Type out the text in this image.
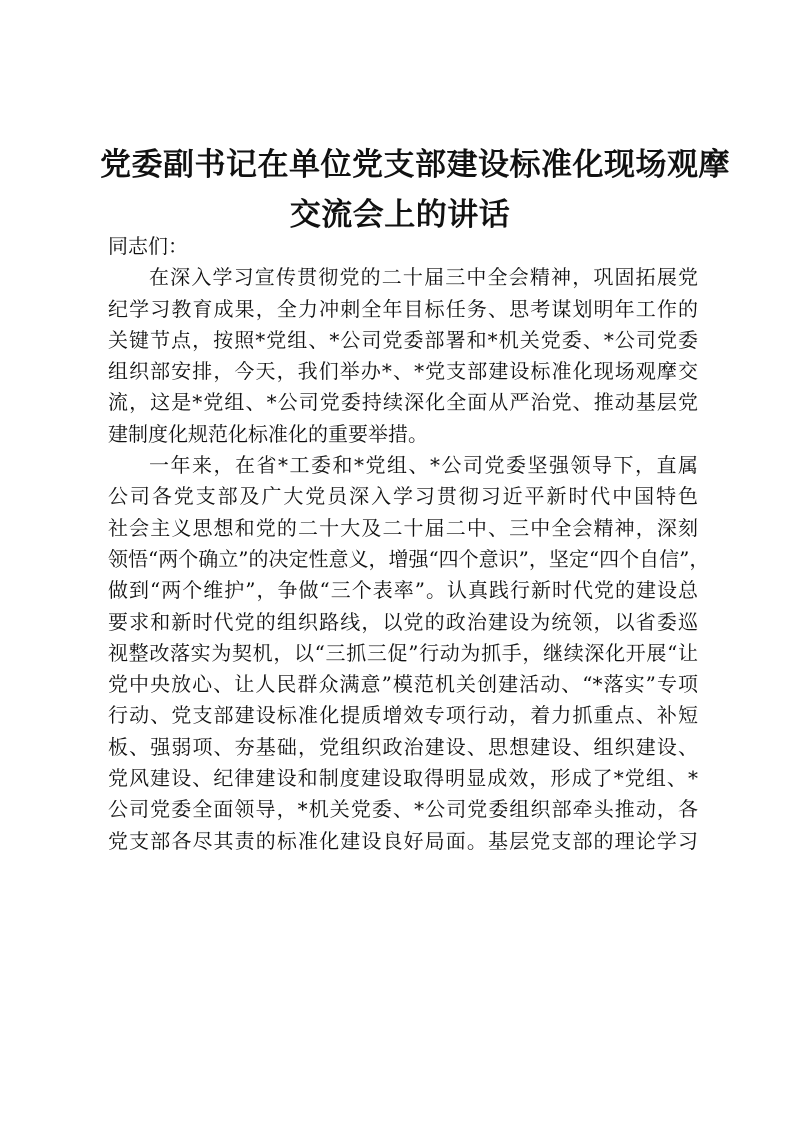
党委副书记在单位党支部建设标准化现场观摩
交流会上的讲话
同志们：
在深入学习宣传贯彻党的二十届三中全会精神，巩固拓展党
纪学习教育成果，全力冲刺全年目标任务、思考谋划明年工作的
关键节点，按照*党组、*公司党委部署和*机关党委、*公司党委
组织部安排，今天，我们举办*、*党支部建设标准化现场观摩交
流，这是*党组、*公司党委持续深化全面从严治党、推动基层党
建制度化规范化标准化的重要举措。
一年来，在省*工委和*党组、*公司党委坚强领导下，直属
公司各党支部及广大党员深入学习贯彻习近平新时代中国特色
社会主义思想和党的二十大及二十届二中、三中全会精神，深刻
领悟“两个确立”的决定性意义，增强“四个意识”，坚定“四个自信”，
做到“两个维护”，争做“三个表率”。认真践行新时代党的建设总
要求和新时代党的组织路线，以党的政治建设为统领，以省委巡
视整改落实为契机，以“三抓三促”行动为抓手，继续深化开展“让
党中央放心、让人民群众满意”模范机关创建活动、“*落实”专项
行动、党支部建设标准化提质增效专项行动，着力抓重点、补短
板、强弱项、夯基础，党组织政治建设、思想建设、组织建设、
党风建设、纪律建设和制度建设取得明显成效，形成了*党组、*
公司党委全面领导，*机关党委、*公司党委组织部牵头推动，各
党支部各尽其责的标准化建设良好局面。基层党支部的理论学习
